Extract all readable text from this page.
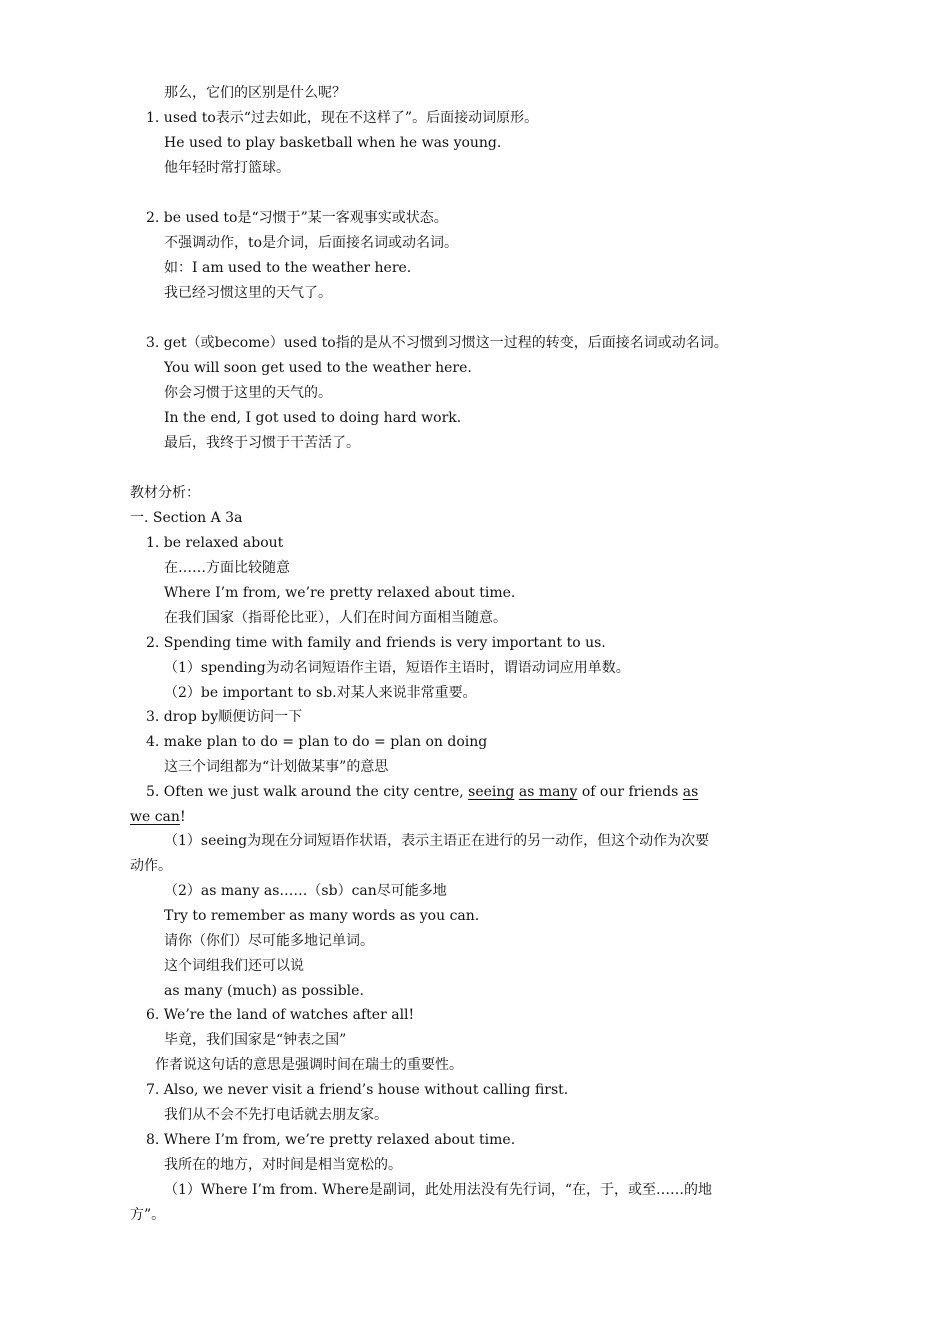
那么，它们的区别是什么呢？
1. used to表示“过去如此，现在不这样了”。后面接动词原形。
He used to play basketball when he was young.
他年轻时常打篮球。
2. be used to是“习惯于”某一客观事实或状态。
不强调动作，to是介词，后面接名词或动名词。
如：I am used to the weather here.
我已经习惯这里的天气了。
3. get（或become）used to指的是从不习惯到习惯这一过程的转变，后面接名词或动名词。
You will soon get used to the weather here.
你会习惯于这里的天气的。
In the end, I got used to doing hard work.
最后，我终于习惯于干苦活了。
教材分析：
一. Section A 3a
1. be relaxed about
在……方面比较随意
Where I’m from, we’re pretty relaxed about time.
在我们国家（指哥伦比亚），人们在时间方面相当随意。
2. Spending time with family and friends is very important to us.
（1）spending为动名词短语作主语，短语作主语时，谓语动词应用单数。
（2）be important to sb.对某人来说非常重要。
3. drop by顺便访问一下
4. make plan to do = plan to do = plan on doing
这三个词组都为“计划做某事”的意思
5. Often we just walk around the city centre, seeing as many of our friends as
we can!
（1）seeing为现在分词短语作状语，表示主语正在进行的另一动作，但这个动作为次要
动作。
（2）as many as……（sb）can尽可能多地
Try to remember as many words as you can.
请你（你们）尽可能多地记单词。
这个词组我们还可以说
as many (much) as possible.
6. We’re the land of watches after all!
毕竟，我们国家是“钟表之国”
作者说这句话的意思是强调时间在瑞士的重要性。
7. Also, we never visit a friend’s house without calling first.
我们从不会不先打电话就去朋友家。
8. Where I’m from, we’re pretty relaxed about time.
我所在的地方，对时间是相当宽松的。
（1）Where I’m from. Where是副词，此处用法没有先行词，“在，于，或至……的地
方”。
